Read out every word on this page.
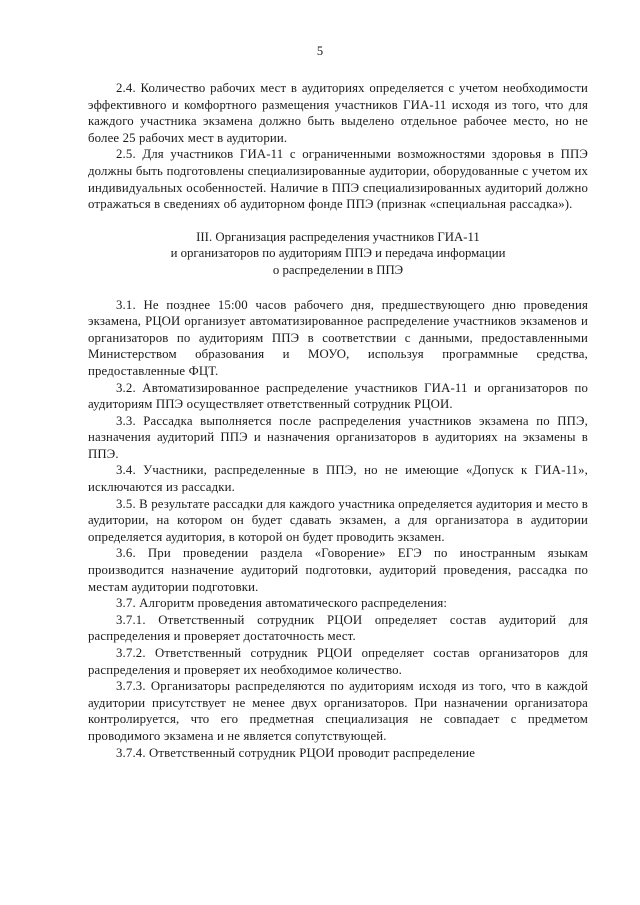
5

2.4. Количество рабочих мест в аудиториях определяется с учетом необходимости эффективного и комфортного размещения участников ГИА-11 исходя из того, что для каждого участника экзамена должно быть выделено отдельное рабочее место, но не более 25 рабочих мест в аудитории.

2.5. Для участников ГИА-11 с ограниченными возможностями здоровья в ППЭ должны быть подготовлены специализированные аудитории, оборудованные с учетом их индивидуальных особенностей. Наличие в ППЭ специализированных аудиторий должно отражаться в сведениях об аудиторном фонде ППЭ (признак «специальная рассадка»).

III. Организация распределения участников ГИА-11
и организаторов по аудиториям ППЭ и передача информации
о распределении в ППЭ

3.1. Не позднее 15:00 часов рабочего дня, предшествующего дню проведения экзамена, РЦОИ организует автоматизированное распределение участников экзаменов и организаторов по аудиториям ППЭ в соответствии с данными, предоставленными Министерством образования и МОУО, используя программные средства, предоставленные ФЦТ.

3.2. Автоматизированное распределение участников ГИА-11 и организаторов по аудиториям ППЭ осуществляет ответственный сотрудник РЦОИ.

3.3. Рассадка выполняется после распределения участников экзамена по ППЭ, назначения аудиторий ППЭ и назначения организаторов в аудиториях на экзамены в ППЭ.

3.4. Участники, распределенные в ППЭ, но не имеющие «Допуск к ГИА-11», исключаются из рассадки.

3.5. В результате рассадки для каждого участника определяется аудитория и место в аудитории, на котором он будет сдавать экзамен, а для организатора в аудитории определяется аудитория, в которой он будет проводить экзамен.

3.6. При проведении раздела «Говорение» ЕГЭ по иностранным языкам производится назначение аудиторий подготовки, аудиторий проведения, рассадка по местам аудитории подготовки.

3.7. Алгоритм проведения автоматического распределения:

3.7.1. Ответственный сотрудник РЦОИ определяет состав аудиторий для распределения и проверяет достаточность мест.

3.7.2. Ответственный сотрудник РЦОИ определяет состав организаторов для распределения и проверяет их необходимое количество.

3.7.3. Организаторы распределяются по аудиториям исходя из того, что в каждой аудитории присутствует не менее двух организаторов. При назначении организатора контролируется, что его предметная специализация не совпадает с предметом проводимого экзамена и не является сопутствующей.

3.7.4. Ответственный сотрудник РЦОИ проводит распределение
